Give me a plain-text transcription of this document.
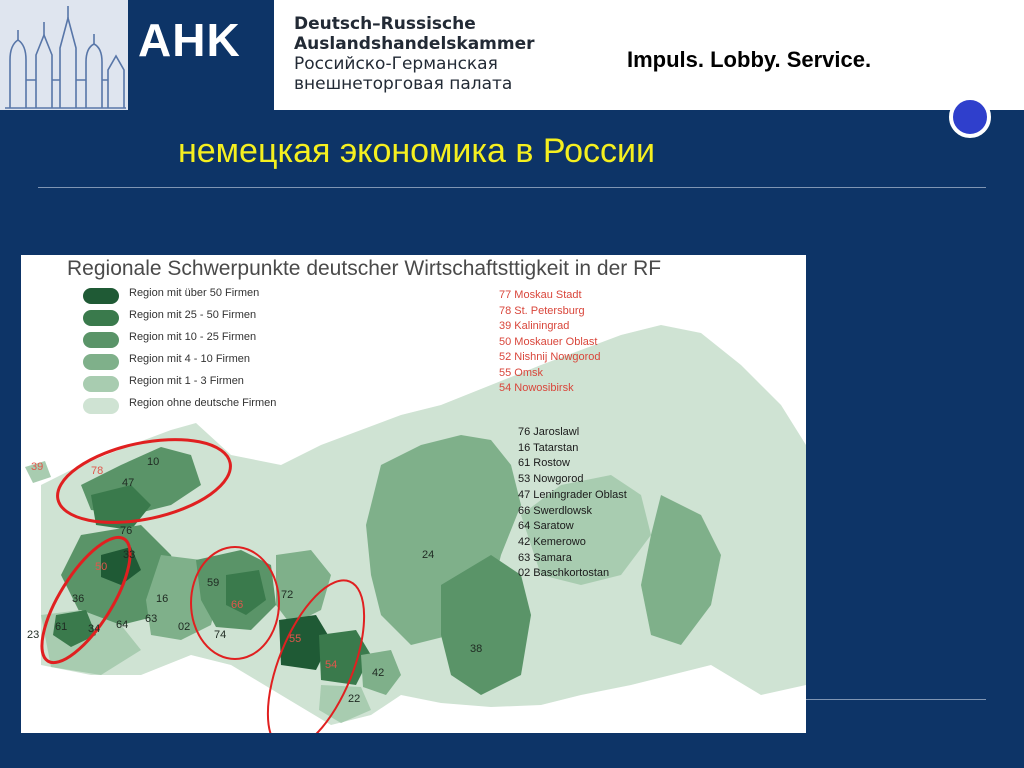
AHK	Deutsch–Russische
Auslandshandelskammer
Российско-Германская
внешнеторговая палата
Impuls. Lobby. Service.
немецкая экономика в России
Regionale Schwerpunkte deutscher Wirtschaftsttigkeit in der RF
Region mit über 50 Firmen
Region mit 25 - 50 Firmen
Region mit 10 - 25 Firmen
Region mit 4 - 10 Firmen
Region mit 1 - 3 Firmen
Region ohne deutsche Firmen
77 Moskau Stadt
78 St. Petersburg
39 Kaliningrad
50 Moskauer Oblast
52 Nishnij Nowgorod
55 Omsk
54 Nowosibirsk
76 Jaroslawl
16 Tatarstan
61 Rostow
53 Nowgorod
47 Leningrader Oblast
66 Swerdlowsk
64 Saratow
42 Kemerowo
63 Samara
02 Baschkortostan
39	78
10
47
76
33
50
36	16
63
02
64
34
61
23
59
66
74
72
55
54
42
22
24
38
